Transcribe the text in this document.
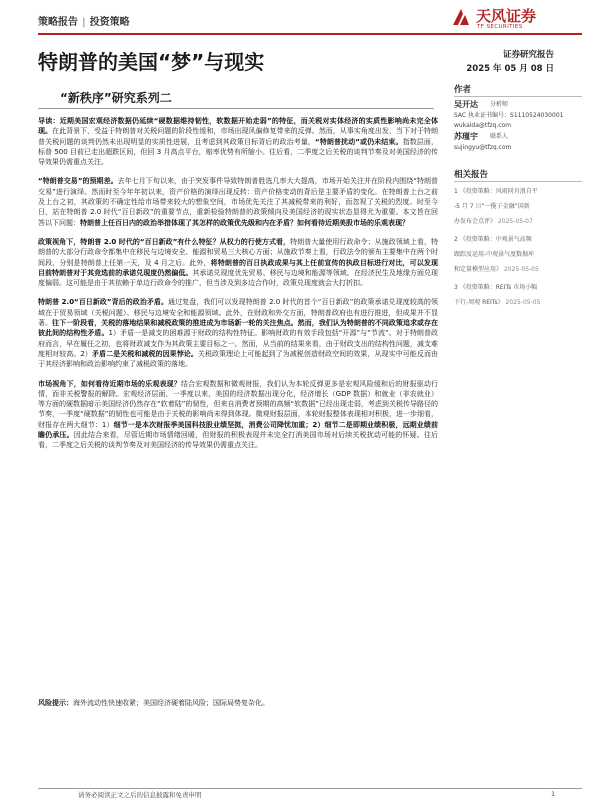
策略报告 | 投资策略	天风证券
TF SECURITIES
特朗普的美国“梦”与现实
“新秩序”研究系列二
证券研究报告
2025 年 05 月 08 日
作者
吴开达 分析师
SAC 执业证书编号：S1110524030001
wukaida@tfzq.com
苏瑾宇 联系人
sujingyu@tfzq.com
相关报告
1 《投资策略：风雨同舟浪自平
-5 月 7 日“一揽子金融”国新
办发布会点评》 2025-05-07
2 《投资策略：中观景气高频
跟踪及运用-中观景气度数据库
和定量模型应用》 2025-05-05
3 《投资策略：REITs 市场小幅
下行-周观 REITs》 2025-05-05

导读：近期美国宏观经济数据仍延续“硬数据维持韧性，软数据开始走弱”的特征，而关税对实体经济的实质性影响尚未完全体现。在此背景下，受益于特朗普对关税问题的阶段性缓和，市场出现风偏修复带来的反弹。然而，从事实角度出发，当下对于特朗普关税问题的谈判仍然未出现明显的实质性进展，且考虑到其政策目标背后的政治考量，“特朗普扰动”或仍未结束。指数层面，标普 500 目前已走出超跌区间，但回 3 月高点平台，赔率优势有所缩小。往后看，二季度之后关税的谈判节奏及对美国经济的传导效果仍需重点关注。

“特朗普交易”的预期差。去年七月下旬以来，由于突发事件导致特朗普胜选几率大大提高，市场开始关注并在阶段内围绕“特朗普交易”进行演绎。然而时至今年年初以来，资产价格的演绎出现反转：资产价格变动的背后是主要矛盾的变化。在特朗普上台之前及上台之初，其政策的不确定性给市场带来较大的想象空间，市场优先关注了其减税带来的利好，而忽视了关税的烈度。时至今日，站在特朗普 2.0 时代“百日新政”的重要节点，重新检验特朗普的政策倾向及美国经济的现实状态显得尤为重要。本文旨在回答以下问题：特朗普上任百日内的政治举措体现了其怎样的政策优先级和内在矛盾？如何看待近期美股市场的乐观表现？

政策视角下，特朗普 2.0 时代的“百日新政”有什么特征？从权力的行使方式看，特朗普大量使用行政命令；从施政领域上看，特朗普的大部分行政命令都集中在移民与边境安全、能源和贸易三大核心方面；从施政节奏上看，行政法令的颁布主要集中在两个时间段，分别是特朗普上任第一天，及 4 月之后。此外，将特朗普的百日执政成果与其上任前宣传的执政目标进行对比，可以发现目前特朗普对于其竞选前的承诺兑现度仍然偏低。其承诺兑现度优先贸易、移民与边境和能源等领域，在经济民生及地缘方面兑现度偏弱。这可能是由于其依赖于单边行政命令的推广，但当涉及到多边合作时，政策兑现度就会大打折扣。

特朗普 2.0“百日新政”背后的政治矛盾。通过复盘，我们可以发现特朗普 2.0 时代的首个“百日新政”的政策承诺兑现度较高的领域在于贸易领域（关税问题）、移民与边境安全和能源领域。此外，在财政和外交方面，特朗普政府也有进行推进，但成果并不显著。往下一阶段看，关税的落地结果和减税政策的推进成为市场新一轮的关注焦点。然而，我们认为特朗普的不同政策追求或存在彼此间的结构性矛盾。1）矛盾一是减支的困难源于财政的结构性特征。影响财政的有效手段包括“开源”与“节流”。对于特朗普政府而言，早在履任之初，也将财政减支作为其政策主要目标之一。然而，从当前的结果来看，由于财政支出的结构性问题，减支难度相对较高。2）矛盾二是关税和减税的因果悖论。关税政策理论上可能起到了为减税创造财政空间的效果，从现实中可能反而由于其经济影响和政治影响约束了减税政策的落地。

市场视角下，如何看待近期市场的乐观表现？结合宏观数据和微观财报，我们认为本轮反弹更多是宏观风险缓和后的财报驱动行情，而非关税警报的解除。宏观经济层面，一季度以来，美国的经济数据出现分化，经济增长（GDP 数据）和就业（非农就业）等方面的硬数据暗示美国经济仍然存在“软着陆”的韧性，但来自消费者预期的高频“软数据”已经出现走弱，考虑到关税传导路径的节奏，一季度“硬数据”的韧性也可能是由于关税的影响尚未得到体现。微观财报层面，本轮财报整体表现相对积极，进一步细看，财报存在两大细节：1）细节一是本次财报季美国科技股业绩坚挺，消费公司降忧加重；2）细节二是即期业绩积极，远期业绩前瞻仍承压。因此结合来看，尽管近期市场情绪回暖，但财报的积极表现并未完全打消美国市场对后续关税扰动可能的怀疑。往后看，二季度之后关税的谈判节奏及对美国经济的传导效果仍需重点关注。

风险提示：海外流动性快速收紧；美国经济硬着陆风险；国际局势复杂化。
请务必阅读正文之后的信息披露和免责申明	1
